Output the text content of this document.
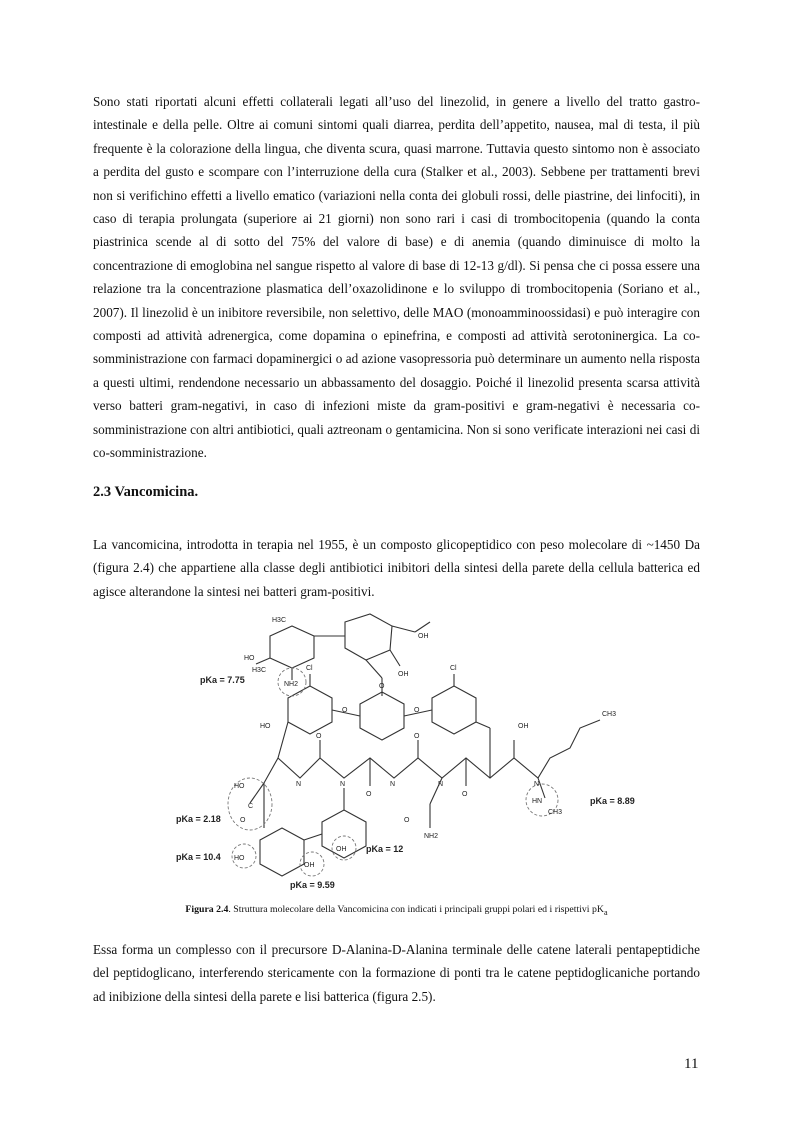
Sono stati riportati alcuni effetti collaterali legati all’uso del linezolid, in genere a livello del tratto gastro-intestinale e della pelle. Oltre ai comuni sintomi quali diarrea, perdita dell’appetito, nausea, mal di testa, il più frequente è la colorazione della lingua, che diventa scura, quasi marrone. Tuttavia questo sintomo non è associato a perdita del gusto e scompare con l’interruzione della cura (Stalker et al., 2003). Sebbene per trattamenti brevi non si verifichino effetti a livello ematico (variazioni nella conta dei globuli rossi, delle piastrine, dei linfociti), in caso di terapia prolungata (superiore ai 21 giorni) non sono rari i casi di trombocitopenia (quando la conta piastrinica scende al di sotto del 75% del valore di base) e di anemia (quando diminuisce di molto la concentrazione di emoglobina nel sangue rispetto al valore di base di 12-13 g/dl). Si pensa che ci possa essere una relazione tra la concentrazione plasmatica dell’oxazolidinone e lo sviluppo di trombocitopenia (Soriano et al., 2007). Il linezolid è un inibitore reversibile, non selettivo, delle MAO (monoamminoossidasi) e può interagire con composti ad attività adrenergica, come dopamina o epinefrina, e composti ad attività serotoninergica. La co-somministrazione con farmaci dopaminergici o ad azione vasopressoria può determinare un aumento nella risposta a questi ultimi, rendendone necessario un abbassamento del dosaggio. Poiché il linezolid presenta scarsa attività verso batteri gram-negativi, in caso di infezioni miste da gram-positivi e gram-negativi è necessaria co-somministrazione con altri antibiotici, quali aztreonam o gentamicina. Non si sono verificate interazioni nei casi di co-somministrazione.

2.3 Vancomicina.

La vancomicina, introdotta in terapia nel 1955, è un composto glicopeptidico con peso molecolare di ~1450 Da (figura 2.4) che appartiene alla classe degli antibiotici inibitori della sintesi della parete della cellula batterica ed agisce alterandone la sintesi nei batteri gram-positivi.

H3C
HO
H3C
NH2
OH
OH
O
O	O
Cl	Cl
HO	OH
CH3
O
O
O
O
N	N	N	N	N
HO
C
O
HN
CH3
NH2
O
HO
OH
OH
pKa = 7.75
pKa = 8.89
pKa = 2.18
pKa = 10.4
pKa = 12
pKa = 9.59

Figura 2.4. Struttura molecolare della Vancomicina con indicati i principali gruppi polari ed i rispettivi $pK_a$

Essa forma un complesso con il precursore D-Alanina-D-Alanina terminale delle catene laterali pentapeptidiche del peptidoglicano, interferendo stericamente con la formazione di ponti tra le catene peptidoglicaniche portando ad inibizione della sintesi della parete e lisi batterica (figura 2.5).

11
